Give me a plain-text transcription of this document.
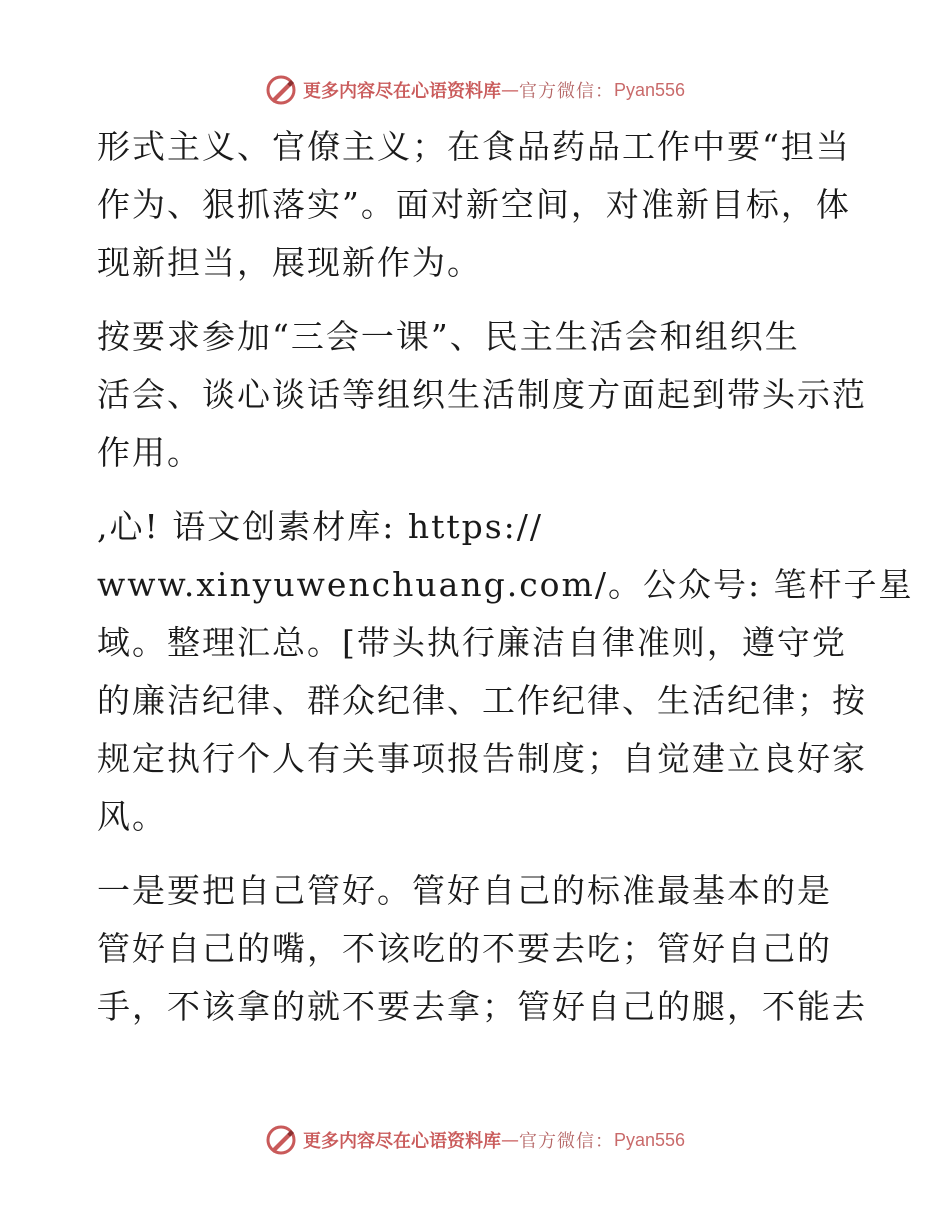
更多内容尽在心语资料库 — 官方微信： Pyan556

形式主义、官僚主义；在食品药品工作中要“担当
作为、狠抓落实”。面对新空间，对准新目标，体
现新担当，展现新作为。

按要求参加“三会一课”、民主生活会和组织生
活会、谈心谈话等组织生活制度方面起到带头示范
作用。

,心! 语文创素材库: https://
www.xinyuwenchuang.com/。公众号: 笔杆子星
域。整理汇总。[带头执行廉洁自律准则，遵守党
的廉洁纪律、群众纪律、工作纪律、生活纪律；按
规定执行个人有关事项报告制度；自觉建立良好家
风。

一是要把自己管好。管好自己的标准最基本的是
管好自己的嘴，不该吃的不要去吃；管好自己的
手，不该拿的就不要去拿；管好自己的腿，不能去

更多内容尽在心语资料库 — 官方微信： Pyan556
